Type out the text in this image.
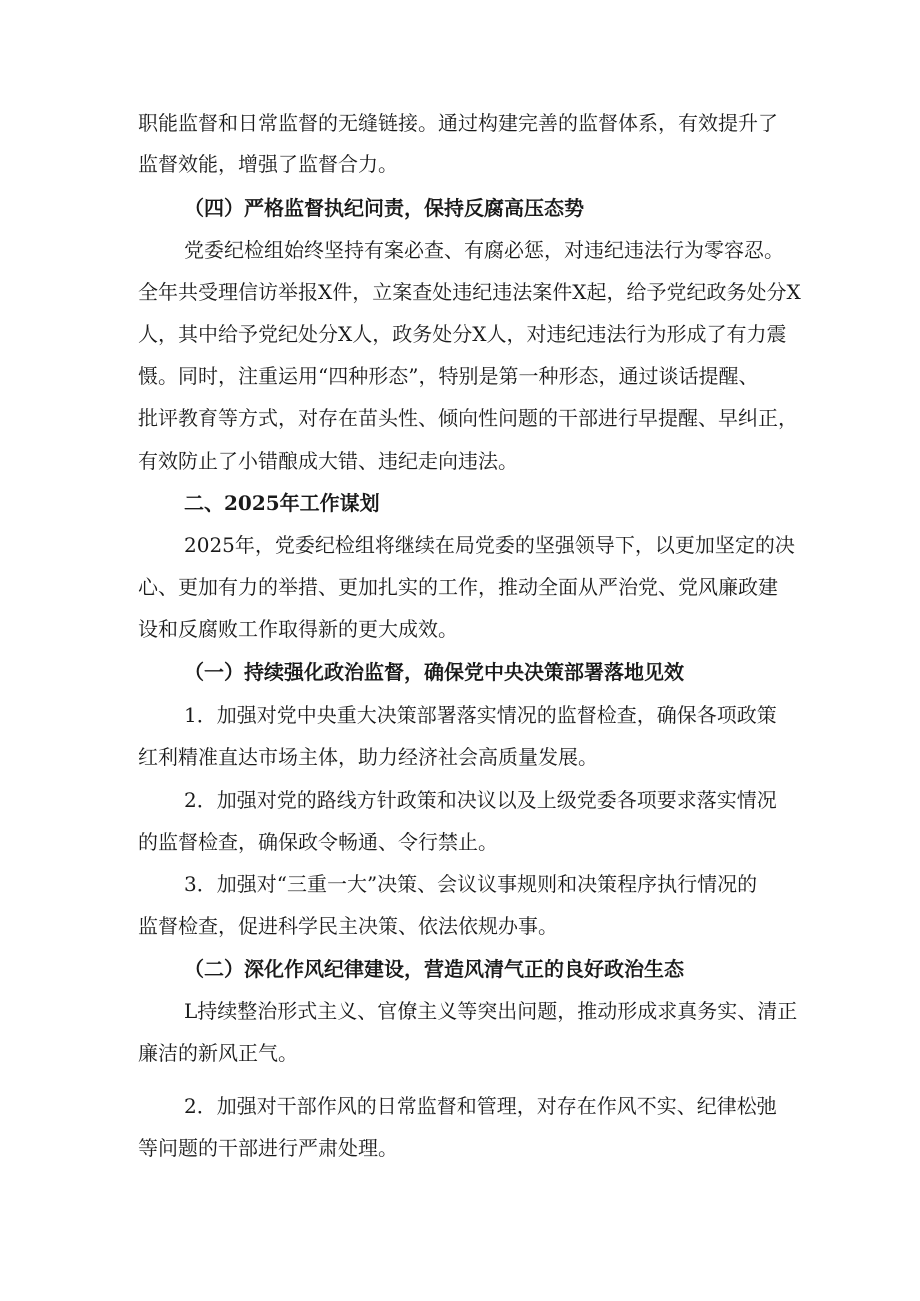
职能监督和日常监督的无缝链接。通过构建完善的监督体系，有效提升了
监督效能，增强了监督合力。
（四）严格监督执纪问责，保持反腐高压态势
党委纪检组始终坚持有案必查、有腐必惩，对违纪违法行为零容忍。
全年共受理信访举报X件，立案查处违纪违法案件X起，给予党纪政务处分X
人，其中给予党纪处分X人，政务处分X人，对违纪违法行为形成了有力震
慑。同时，注重运用“四种形态”，特别是第一种形态，通过谈话提醒、
批评教育等方式，对存在苗头性、倾向性问题的干部进行早提醒、早纠正，
有效防止了小错酿成大错、违纪走向违法。
二、2025年工作谋划
2025年，党委纪检组将继续在局党委的坚强领导下，以更加坚定的决
心、更加有力的举措、更加扎实的工作，推动全面从严治党、党风廉政建
设和反腐败工作取得新的更大成效。
（一）持续强化政治监督，确保党中央决策部署落地见效
1．加强对党中央重大决策部署落实情况的监督检查，确保各项政策
红利精准直达市场主体，助力经济社会高质量发展。
2．加强对党的路线方针政策和决议以及上级党委各项要求落实情况
的监督检查，确保政令畅通、令行禁止。
3．加强对“三重一大”决策、会议议事规则和决策程序执行情况的
监督检查，促进科学民主决策、依法依规办事。
（二）深化作风纪律建设，营造风清气正的良好政治生态
L持续整治形式主义、官僚主义等突出问题，推动形成求真务实、清正
廉洁的新风正气。
2．加强对干部作风的日常监督和管理，对存在作风不实、纪律松弛
等问题的干部进行严肃处理。
